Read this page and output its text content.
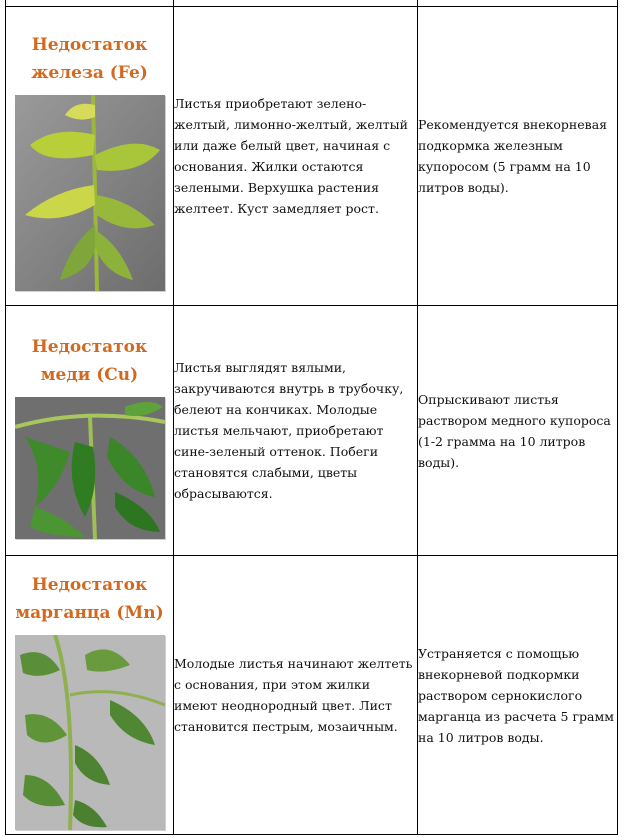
Недостаток
железа (Fe)	Листья приобретают зелено-желтый, лимонно-желтый, желтый или даже белый цвет, начиная с основания. Жилки остаются зелеными. Верхушка растения желтеет. Куст замедляет рост.	Рекомендуется внекорневая подкормка железным купоросом (5 грамм на 10 литров воды).

Недостаток
меди (Cu)	Листья выглядят вялыми, закручиваются внутрь в трубочку, белеют на кончиках. Молодые листья мельчают, приобретают сине-зеленый оттенок. Побеги становятся слабыми, цветы обрасываются.	Опрыскивают листья раствором медного купороса (1-2 грамма на 10 литров воды).

Недостаток
марганца (Mn)	Молодые листья начинают желтеть с основания, при этом жилки имеют неоднородный цвет. Лист становится пестрым, мозаичным.	Устраняется с помощью внекорневой подкормки раствором сернокислого марганца из расчета 5 грамм на 10 литров воды.
